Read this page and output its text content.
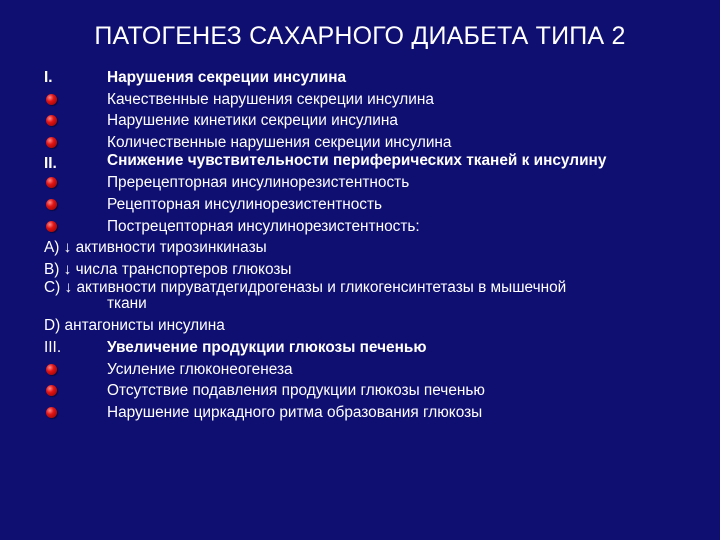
ПАТОГЕНЕЗ САХАРНОГО ДИАБЕТА ТИПА 2
I.	Нарушения секреции инсулина
Качественные нарушения секреции инсулина
Нарушение кинетики секреции инсулина
Количественные нарушения секреции инсулина
II.	Снижение чувствительности периферических тканей к инсулину
Пререцепторная инсулинорезистентность
Рецепторная инсулинорезистентность
Пострецепторная инсулинорезистентность:
А) ↓ активности тирозинкиназы
В) ↓ числа транспортеров глюкозы
С) ↓ активности пируватдегидрогеназы и гликогенсинтетазы в мышечной
ткани
D) антагонисты инсулина
III.	Увеличение продукции глюкозы печенью
Усиление глюконеогенеза
Отсутствие подавления продукции глюкозы печенью
Нарушение циркадного ритма образования глюкозы
